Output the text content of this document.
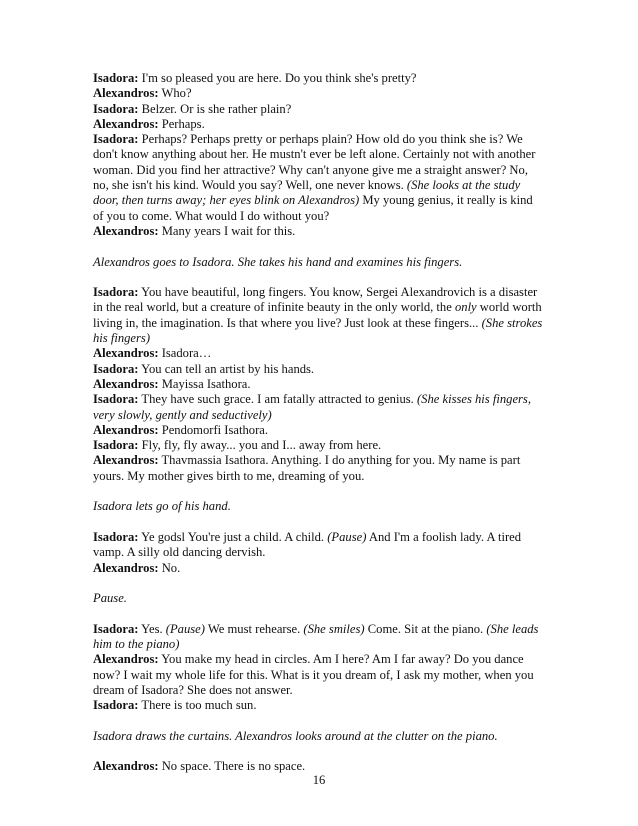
Isadora: I'm so pleased you are here. Do you think she's pretty?
Alexandros: Who?
Isadora: Belzer. Or is she rather plain?
Alexandros: Perhaps.
Isadora: Perhaps? Perhaps pretty or perhaps plain? How old do you think she is? We
don't know anything about her. He mustn't ever be left alone. Certainly not with another
woman. Did you find her attractive? Why can't anyone give me a straight answer? No,
no, she isn't his kind. Would you say? Well, one never knows. (She looks at the study
door, then turns away; her eyes blink on Alexandros) My young genius, it really is kind
of you to come. What would I do without you?
Alexandros: Many years I wait for this.
Alexandros goes to Isadora. She takes his hand and examines his fingers.
Isadora: You have beautiful, long fingers. You know, Sergei Alexandrovich is a disaster
in the real world, but a creature of infinite beauty in the only world, the only world worth
living in, the imagination. Is that where you live? Just look at these fingers... (She strokes
his fingers)
Alexandros: Isadora…
Isadora: You can tell an artist by his hands.
Alexandros: Mayissa Isathora.
Isadora: They have such grace. I am fatally attracted to genius. (She kisses his fingers,
very slowly, gently and seductively)
Alexandros: Pendomorfi Isathora.
Isadora: Fly, fly, fly away... you and I... away from here.
Alexandros: Thavmassia Isathora. Anything. I do anything for you. My name is part
yours. My mother gives birth to me, dreaming of you.
Isadora lets go of his hand.
Isadora: Ye godsl You're just a child. A child. (Pause) And I'm a foolish lady. A tired
vamp. A silly old dancing dervish.
Alexandros: No.
Pause.
Isadora: Yes. (Pause) We must rehearse. (She smiles) Come. Sit at the piano. (She leads
him to the piano)
Alexandros: You make my head in circles. Am I here? Am I far away? Do you dance
now? I wait my whole life for this. What is it you dream of, I ask my mother, when you
dream of Isadora? She does not answer.
Isadora: There is too much sun.
Isadora draws the curtains. Alexandros looks around at the clutter on the piano.
Alexandros: No space. There is no space.
16
